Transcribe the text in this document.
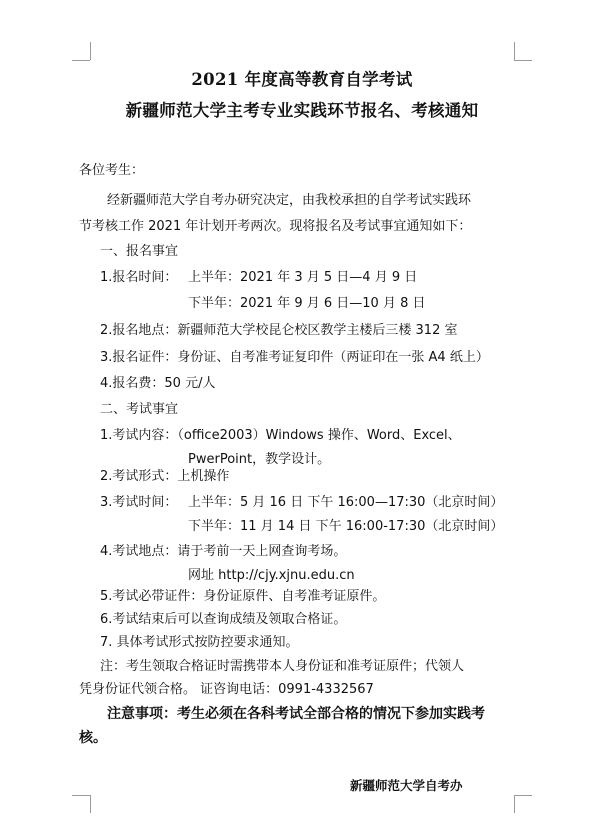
2021 年度高等教育自学考试
新疆师范大学主考专业实践环节报名、考核通知
各位考生：
经新疆师范大学自考办研究决定，由我校承担的自学考试实践环
节考核工作 2021 年计划开考两次。现将报名及考试事宜通知如下：
一、报名事宜
1.报名时间： 上半年：2021 年 3 月 5 日—4 月 9 日
下半年：2021 年 9 月 6 日—10 月 8 日
2.报名地点：新疆师范大学校昆仑校区教学主楼后三楼 312 室
3.报名证件：身份证、自考准考证复印件（两证印在一张 A4 纸上）
4.报名费：50 元/人
二、考试事宜
1.考试内容：（office2003）Windows 操作、Word、Excel、
PwerPoint，教学设计。
2.考试形式：上机操作
3.考试时间： 上半年：5 月 16 日 下午 16:00—17:30（北京时间）
下半年：11 月 14 日 下午 16:00-17:30（北京时间）
4.考试地点：请于考前一天上网查询考场。
网址 http://cjy.xjnu.edu.cn
5.考试必带证件：身份证原件、自考准考证原件。
6.考试结束后可以查询成绩及领取合格证。
7. 具体考试形式按防控要求通知。
注：考生领取合格证时需携带本人身份证和准考证原件；代领人
凭身份证代领合格。 证咨询电话：0991-4332567
注意事项：考生必须在各科考试全部合格的情况下参加实践考
核。
新疆师范大学自考办
